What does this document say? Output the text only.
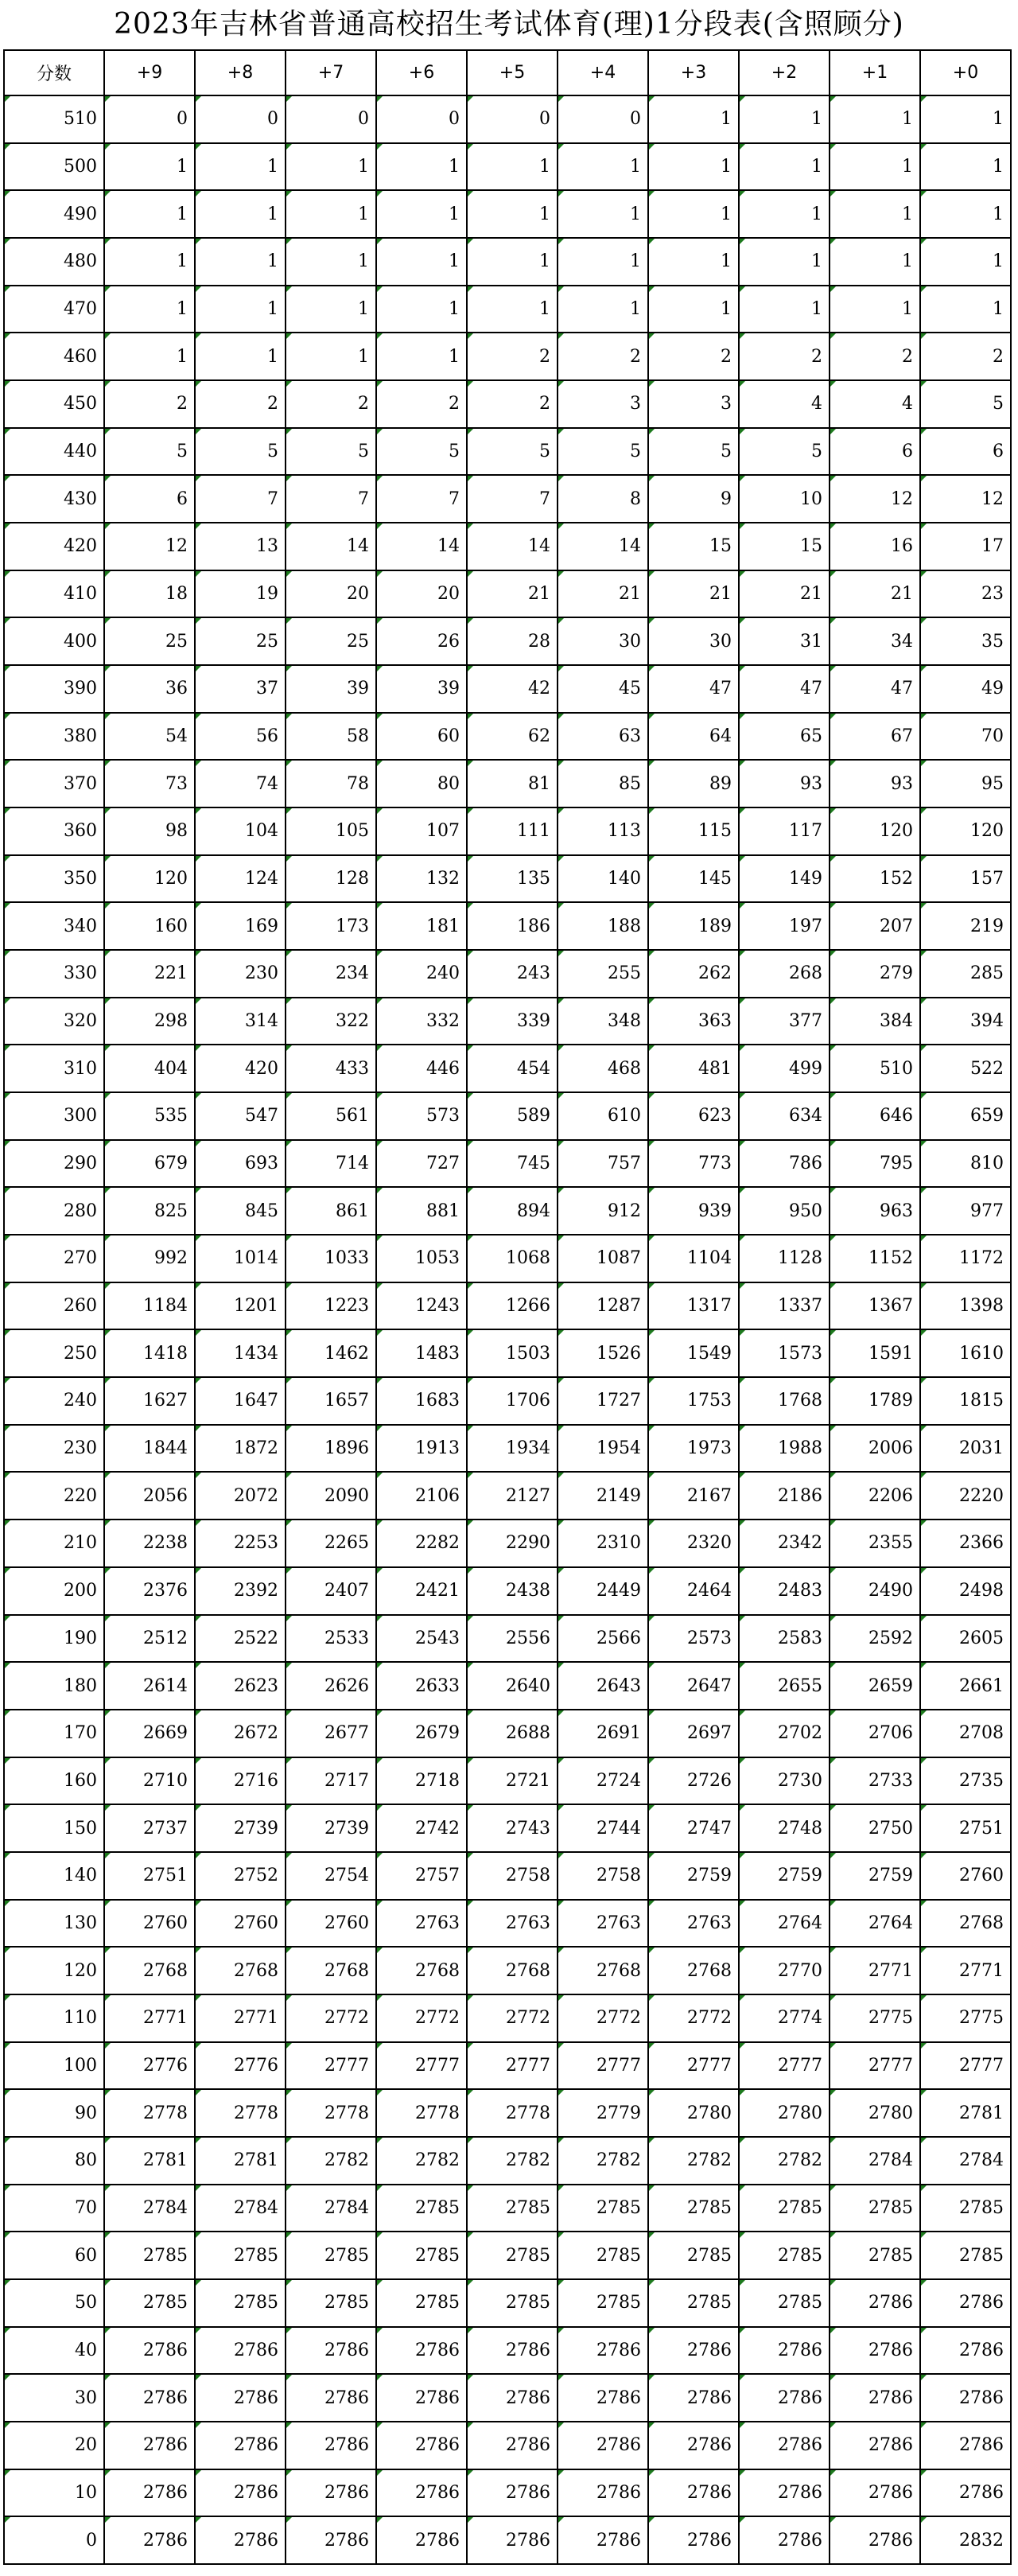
2023年吉林省普通高校招生考试体育(理)1分段表(含照顾分)
分数	+9	+8	+7	+6	+5	+4	+3	+2	+1	+0
510	0	0	0	0	0	0	1	1	1	1
500	1	1	1	1	1	1	1	1	1	1
490	1	1	1	1	1	1	1	1	1	1
480	1	1	1	1	1	1	1	1	1	1
470	1	1	1	1	1	1	1	1	1	1
460	1	1	1	1	2	2	2	2	2	2
450	2	2	2	2	2	3	3	4	4	5
440	5	5	5	5	5	5	5	5	6	6
430	6	7	7	7	7	8	9	10	12	12
420	12	13	14	14	14	14	15	15	16	17
410	18	19	20	20	21	21	21	21	21	23
400	25	25	25	26	28	30	30	31	34	35
390	36	37	39	39	42	45	47	47	47	49
380	54	56	58	60	62	63	64	65	67	70
370	73	74	78	80	81	85	89	93	93	95
360	98	104	105	107	111	113	115	117	120	120
350	120	124	128	132	135	140	145	149	152	157
340	160	169	173	181	186	188	189	197	207	219
330	221	230	234	240	243	255	262	268	279	285
320	298	314	322	332	339	348	363	377	384	394
310	404	420	433	446	454	468	481	499	510	522
300	535	547	561	573	589	610	623	634	646	659
290	679	693	714	727	745	757	773	786	795	810
280	825	845	861	881	894	912	939	950	963	977
270	992	1014	1033	1053	1068	1087	1104	1128	1152	1172
260	1184	1201	1223	1243	1266	1287	1317	1337	1367	1398
250	1418	1434	1462	1483	1503	1526	1549	1573	1591	1610
240	1627	1647	1657	1683	1706	1727	1753	1768	1789	1815
230	1844	1872	1896	1913	1934	1954	1973	1988	2006	2031
220	2056	2072	2090	2106	2127	2149	2167	2186	2206	2220
210	2238	2253	2265	2282	2290	2310	2320	2342	2355	2366
200	2376	2392	2407	2421	2438	2449	2464	2483	2490	2498
190	2512	2522	2533	2543	2556	2566	2573	2583	2592	2605
180	2614	2623	2626	2633	2640	2643	2647	2655	2659	2661
170	2669	2672	2677	2679	2688	2691	2697	2702	2706	2708
160	2710	2716	2717	2718	2721	2724	2726	2730	2733	2735
150	2737	2739	2739	2742	2743	2744	2747	2748	2750	2751
140	2751	2752	2754	2757	2758	2758	2759	2759	2759	2760
130	2760	2760	2760	2763	2763	2763	2763	2764	2764	2768
120	2768	2768	2768	2768	2768	2768	2768	2770	2771	2771
110	2771	2771	2772	2772	2772	2772	2772	2774	2775	2775
100	2776	2776	2777	2777	2777	2777	2777	2777	2777	2777
90	2778	2778	2778	2778	2778	2779	2780	2780	2780	2781
80	2781	2781	2782	2782	2782	2782	2782	2782	2784	2784
70	2784	2784	2784	2785	2785	2785	2785	2785	2785	2785
60	2785	2785	2785	2785	2785	2785	2785	2785	2785	2785
50	2785	2785	2785	2785	2785	2785	2785	2785	2786	2786
40	2786	2786	2786	2786	2786	2786	2786	2786	2786	2786
30	2786	2786	2786	2786	2786	2786	2786	2786	2786	2786
20	2786	2786	2786	2786	2786	2786	2786	2786	2786	2786
10	2786	2786	2786	2786	2786	2786	2786	2786	2786	2786
0	2786	2786	2786	2786	2786	2786	2786	2786	2786	2832
